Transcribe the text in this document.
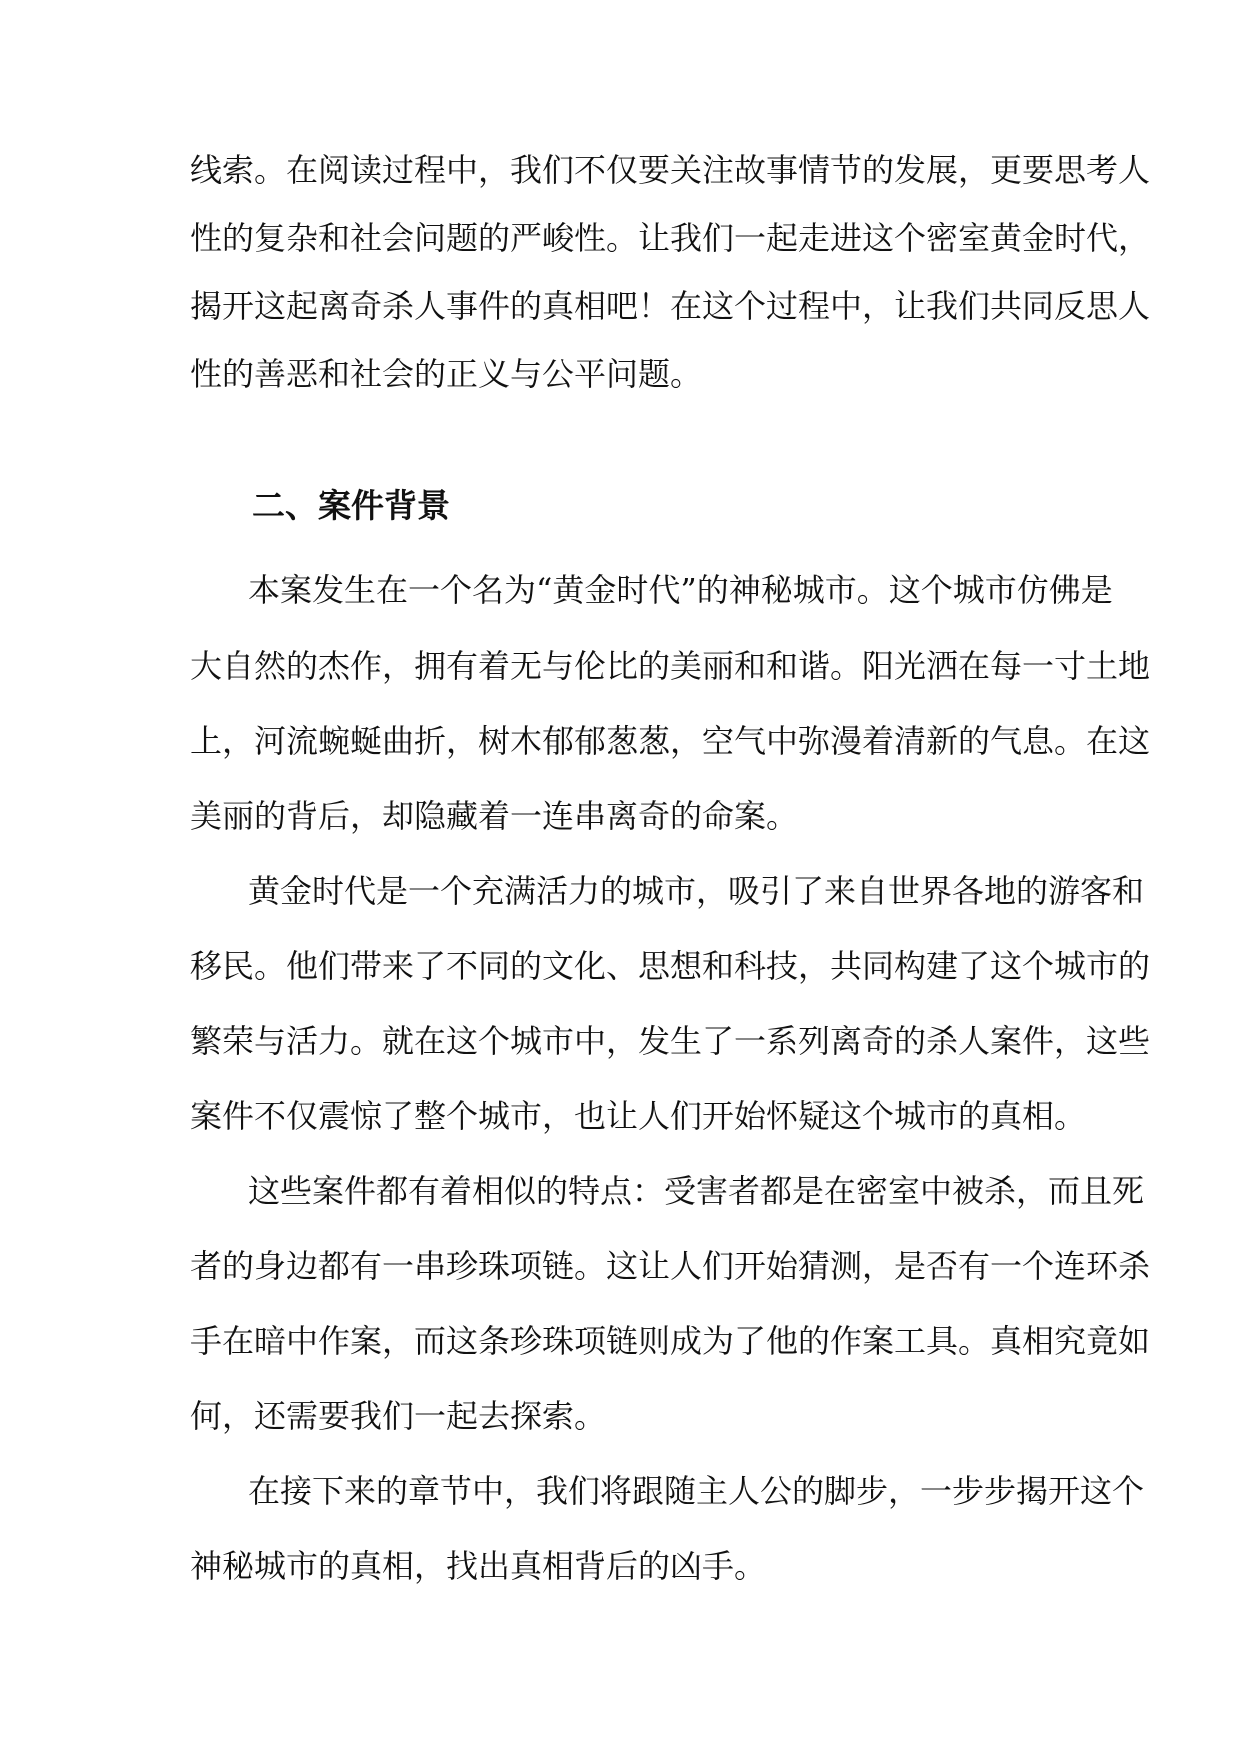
线索。在阅读过程中，我们不仅要关注故事情节的发展，更要思考人
性的复杂和社会问题的严峻性。让我们一起走进这个密室黄金时代，
揭开这起离奇杀人事件的真相吧！在这个过程中，让我们共同反思人
性的善恶和社会的正义与公平问题。
二、案件背景
本案发生在一个名为“黄金时代”的神秘城市。这个城市仿佛是
大自然的杰作，拥有着无与伦比的美丽和和谐。阳光洒在每一寸土地
上，河流蜿蜒曲折，树木郁郁葱葱，空气中弥漫着清新的气息。在这
美丽的背后，却隐藏着一连串离奇的命案。
黄金时代是一个充满活力的城市，吸引了来自世界各地的游客和
移民。他们带来了不同的文化、思想和科技，共同构建了这个城市的
繁荣与活力。就在这个城市中，发生了一系列离奇的杀人案件，这些
案件不仅震惊了整个城市，也让人们开始怀疑这个城市的真相。
这些案件都有着相似的特点：受害者都是在密室中被杀，而且死
者的身边都有一串珍珠项链。这让人们开始猜测，是否有一个连环杀
手在暗中作案，而这条珍珠项链则成为了他的作案工具。真相究竟如
何，还需要我们一起去探索。
在接下来的章节中，我们将跟随主人公的脚步，一步步揭开这个
神秘城市的真相，找出真相背后的凶手。
